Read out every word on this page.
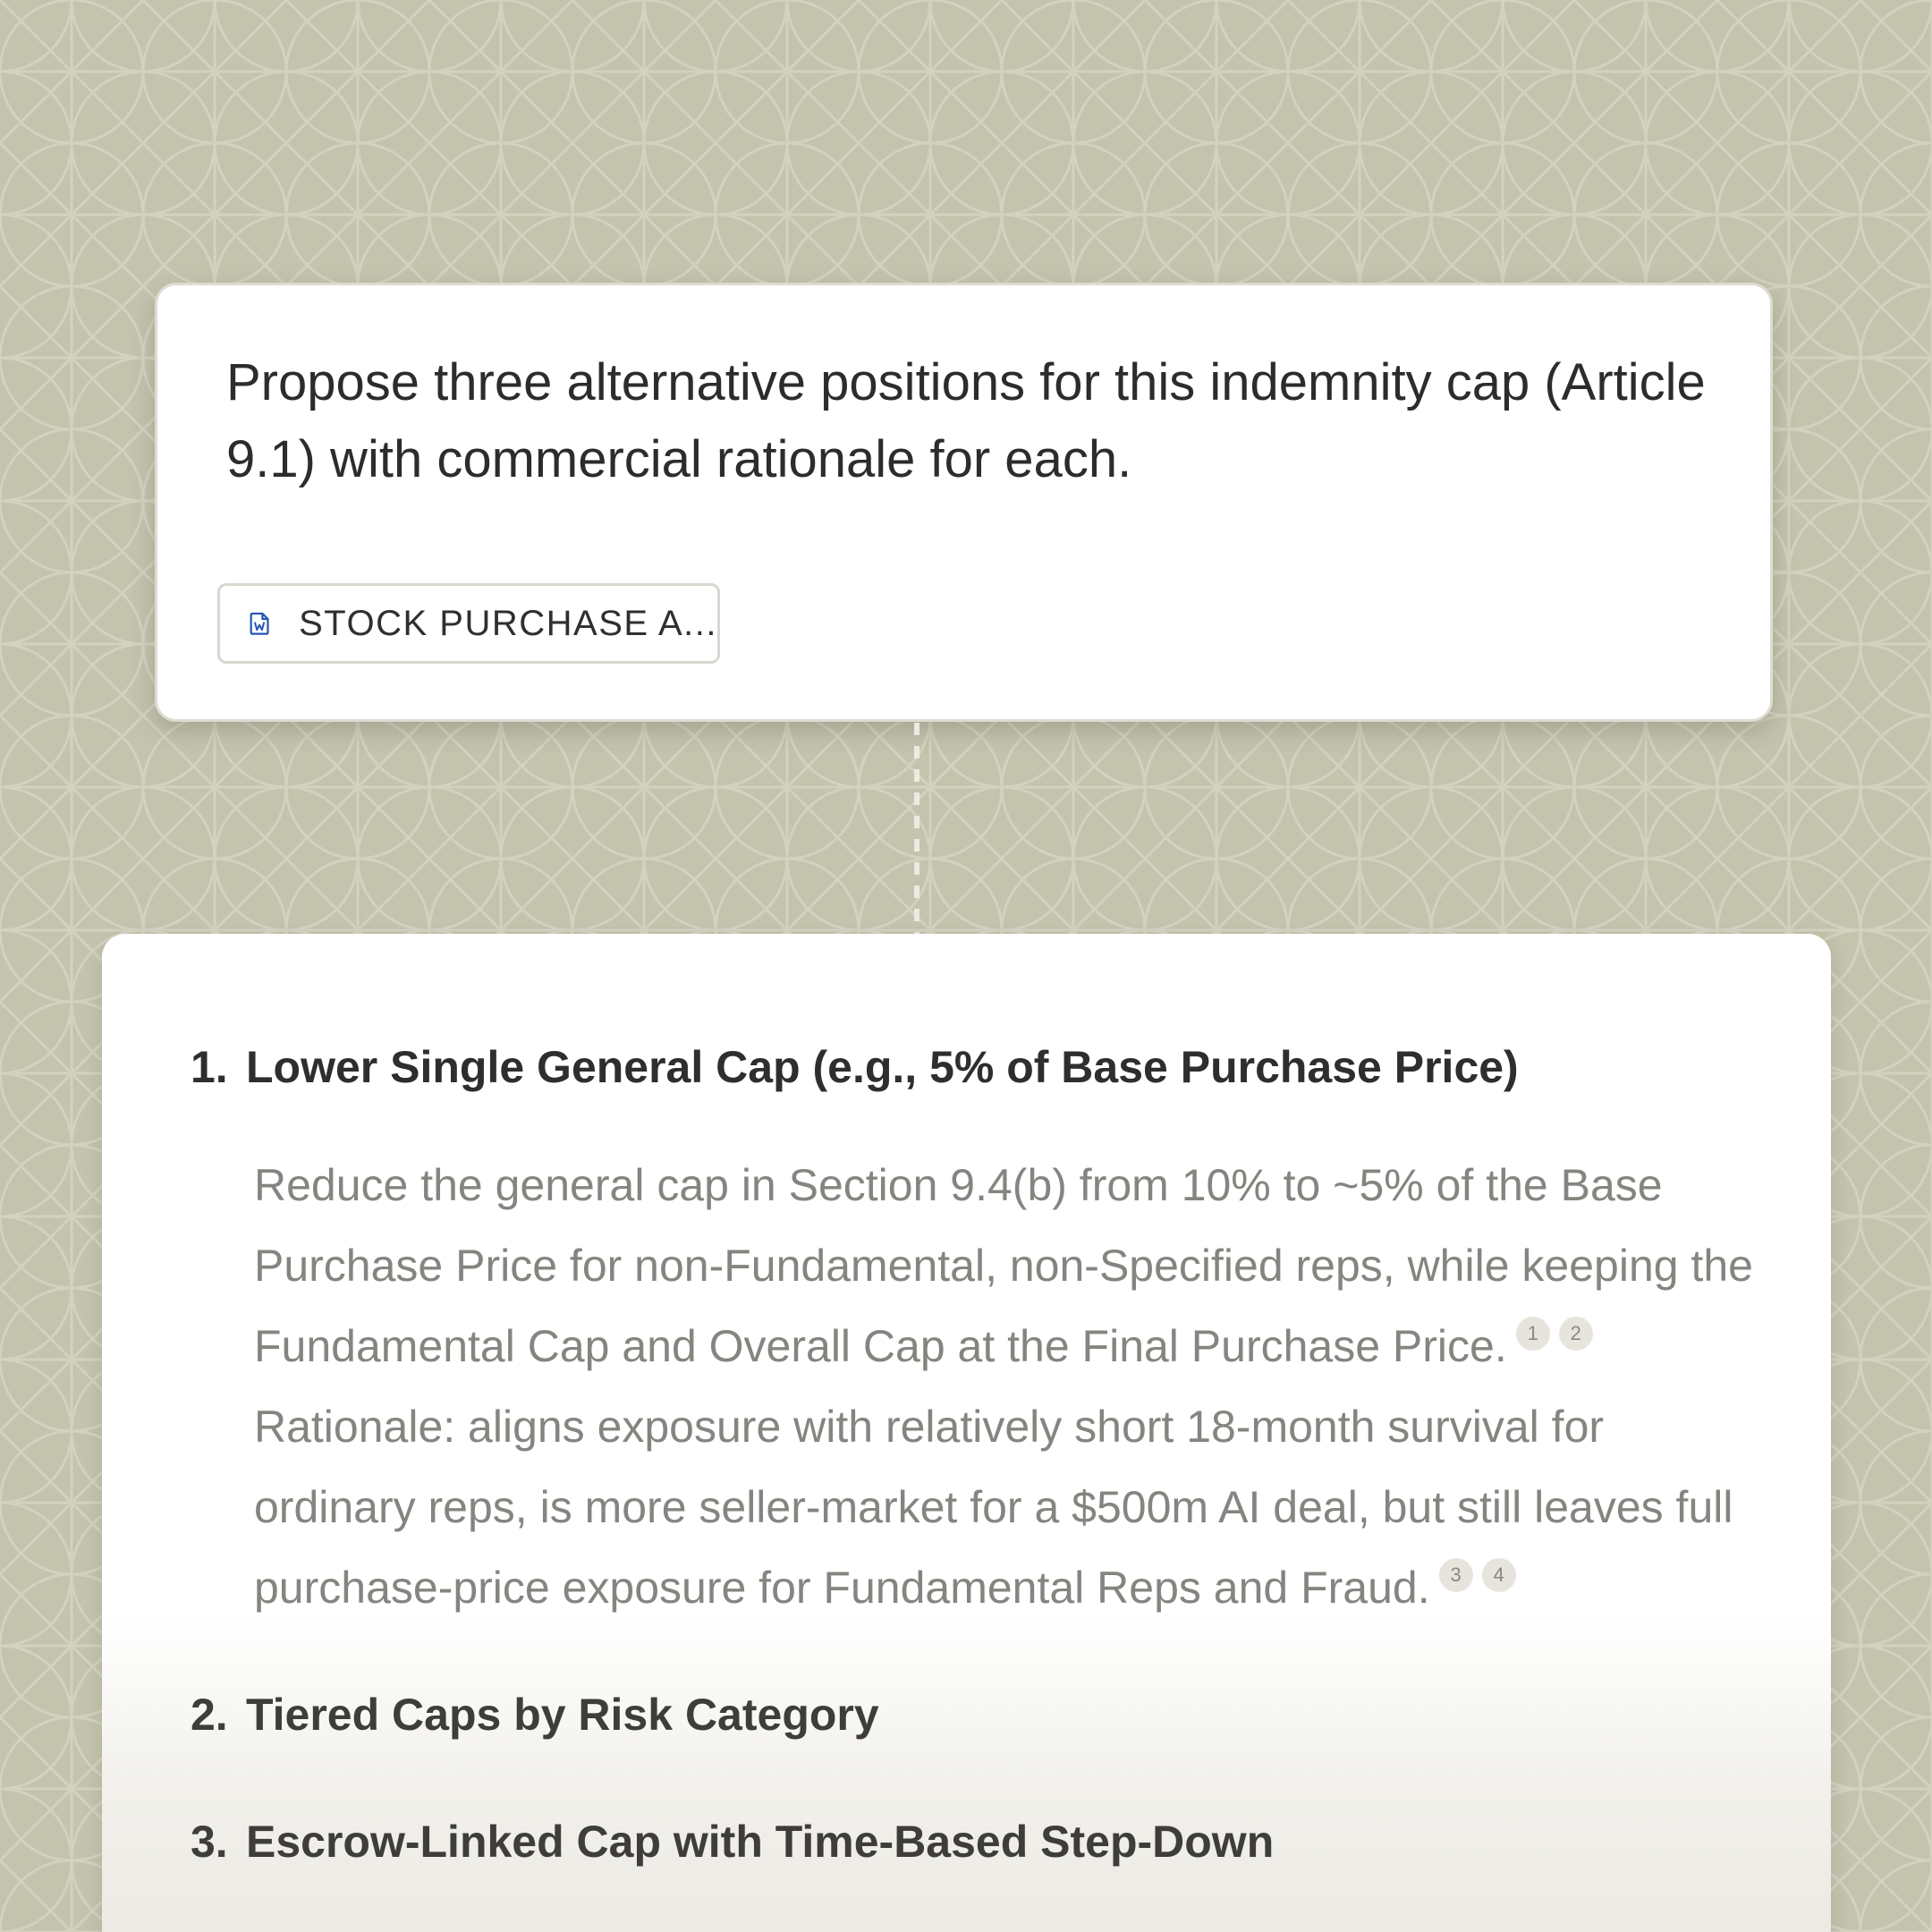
Propose three alternative positions for this indemnity cap (Article 9.1) with commercial rationale for each.

STOCK PURCHASE A...
1. Lower Single General Cap (e.g., 5% of Base Purchase Price)

Reduce the general cap in Section 9.4(b) from 10% to ~5% of the Base Purchase Price for non-Fundamental, non-Specified reps, while keeping the Fundamental Cap and Overall Cap at the Final Purchase Price. 1 2 Rationale: aligns exposure with relatively short 18-month survival for ordinary reps, is more seller-market for a $500m AI deal, but still leaves full purchase-price exposure for Fundamental Reps and Fraud. 3 4

2. Tiered Caps by Risk Category
3. Escrow-Linked Cap with Time-Based Step-Down
